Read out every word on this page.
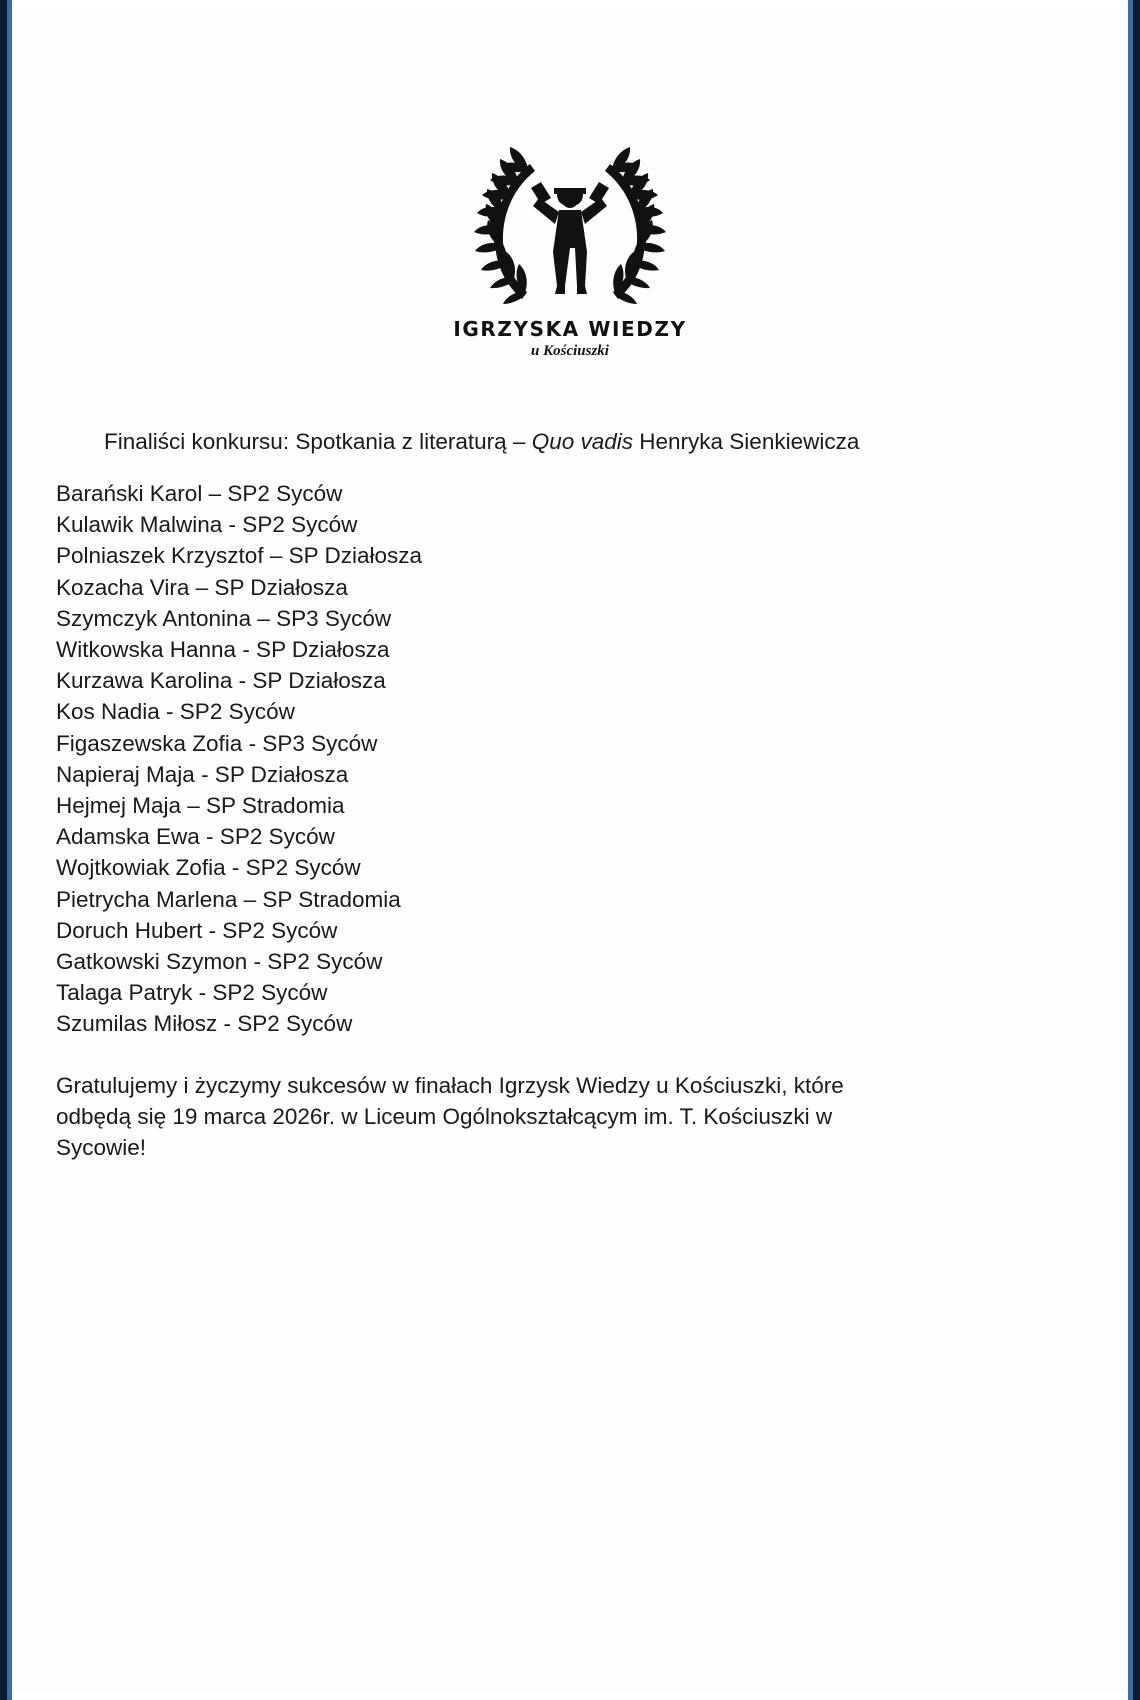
IGRZYSKA WIEDZY
u Kościuszki
Finaliści konkursu: Spotkania z literaturą – Quo vadis Henryka Sienkiewicza
Barański Karol – SP2 Syców
Kulawik Malwina - SP2 Syców
Polniaszek Krzysztof – SP Działosza
Kozacha Vira – SP Działosza
Szymczyk Antonina – SP3 Syców
Witkowska Hanna - SP Działosza
Kurzawa Karolina - SP Działosza
Kos Nadia - SP2 Syców
Figaszewska Zofia - SP3 Syców
Napieraj Maja - SP Działosza
Hejmej Maja – SP Stradomia
Adamska Ewa - SP2 Syców
Wojtkowiak Zofia - SP2 Syców
Pietrycha Marlena – SP Stradomia
Doruch Hubert - SP2 Syców
Gatkowski Szymon - SP2 Syców
Talaga Patryk - SP2 Syców
Szumilas Miłosz - SP2 Syców

Gratulujemy i życzymy sukcesów w finałach Igrzysk Wiedzy u Kościuszki, które odbędą się 19 marca 2026r. w Liceum Ogólnokształcącym im. T. Kościuszki w Sycowie!
